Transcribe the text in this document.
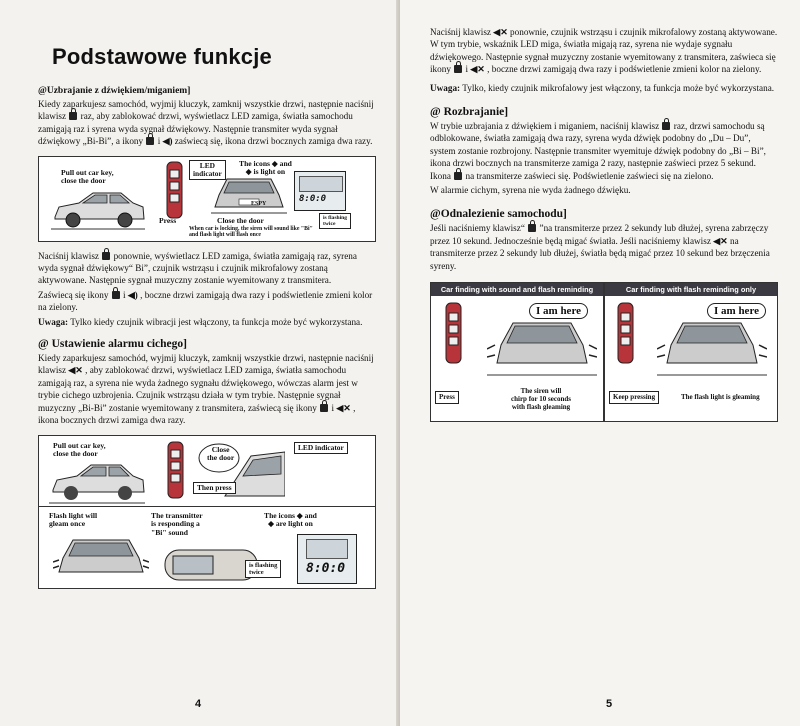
Podstawowe funkcje
@Uzbrajanie z dźwiękiem/miganiem]

Kiedy zaparkujesz samochód, wyjmij kluczyk, zamknij wszystkie drzwi, następnie naciśnij klawisz raz, aby zablokować drzwi, wyświetlacz LED zamiga, światła samochodu zamigają raz i syrena wyda sygnał dźwiękowy. Następnie transmiter wyda sygnał dźwiękowy „Bi-Bi”, a ikony i ◀) zaświecą się, ikona drzwi bocznych zamiga dwa razy.

Pull out car key,
close the door
LED
indicator
The icons ◆ and
◆ is light on
ESPY	8:0:0
Press	Close the door
When car is locking, the siren will sound like "Bi"
and flash light will flash once
is flashing
twice

Naciśnij klawisz ponownie, wyświetlacz LED zamiga, światła zamigają raz, syrena wyda sygnał dźwiękowy“ Bi”, czujnik wstrząsu i czujnik mikrofalowy zostaną aktywowane. Następnie sygnał muzyczny zostanie wyemitowany z transmitera.

Zaświecą się ikony i ◀) , boczne drzwi zamigają dwa razy i podświetlenie zmieni kolor na zielony.

Uwaga: Tylko kiedy czujnik wibracji jest włączony, ta funkcja może być wykorzystana.

@ Ustawienie alarmu cichego]

Kiedy zaparkujesz samochód, wyjmij kluczyk, zamknij wszystkie drzwi, następnie naciśnij klawisz ◀✕ , aby zablokować drzwi, wyświetlacz LED zamiga, światła samochodu zamigają raz, a syrena nie wyda żadnego sygnału dźwiękowego, wówczas alarm jest w trybie cichego uzbrojenia. Czujnik wstrząsu działa w tym trybie. Następnie sygnał muzyczny „Bi-Bi” zostanie wyemitowany z transmitera, zaświecą się ikony i ◀✕ , ikona bocznych drzwi zamiga dwa razy.

Pull out car key,
close the door
Close
the door
LED indicator
Then press
Flash light will
gleam once
The transmitter
is responding a
"Bi" sound
The icons ◆ and
◆ are light on
8:0:0
is flashing
twice
4

Naciśnij klawisz ◀✕ ponownie, czujnik wstrząsu i czujnik mikrofalowy zostaną aktywowane. W tym trybie, wskaźnik LED miga, światła migają raz, syrena nie wydaje sygnału dźwiękowego. Następnie sygnał muzyczny zostanie wyemitowany z transmitera, zaświeca się ikony i ◀✕ , boczne drzwi zamigają dwa razy i podświetlenie zmieni kolor na zielony.

Uwaga: Tylko, kiedy czujnik mikrofalowy jest włączony, ta funkcja może być wykorzystana.

@ Rozbrajanie]

W trybie uzbrajania z dźwiękiem i miganiem, naciśnij klawisz raz, drzwi samochodu są odblokowane, światła zamigają dwa razy, syrena wyda dźwięk podobny do „Du – Du”, system zostanie rozbrojony. Następnie transmiter wyemituje dźwięk podobny do „Bi – Bi”, ikona drzwi bocznych na transmiterze zamiga 2 razy, następnie zaświeci przez 5 sekund. Ikona na transmiterze zaświeci się. Podświetlenie zaświeci się na zielono.

W alarmie cichym, syrena nie wyda żadnego dźwięku.

@Odnalezienie samochodu]

Jeśli naciśniemy klawisz“ ”na transmiterze przez 2 sekundy lub dłużej, syrena zabrzęczy przez 10 sekund. Jednocześnie będą migać światła. Jeśli naciśniemy klawisz ◀✕ na transmiterze przez 2 sekundy lub dłużej, światła będą migać przez 10 sekund bez brzęczenia syreny.

Car finding with sound and flash reminding	Car finding with flash reminding only
I am here
Press
The siren will
chirp for 10 seconds
with flash gleaming
I am here
Keep pressing	The flash light is gleaming
5
